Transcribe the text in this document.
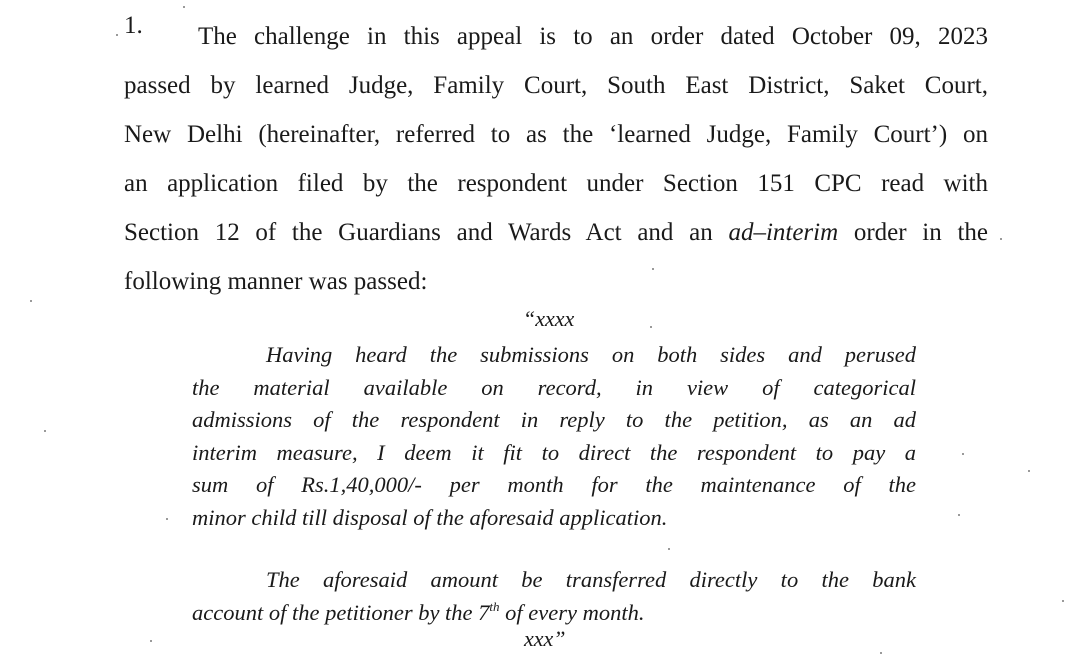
1.	The challenge in this appeal is to an order dated October 09, 2023
passed by learned Judge, Family Court, South East District, Saket Court,
New Delhi (hereinafter, referred to as the ‘learned Judge, Family Court’) on
an application filed by the respondent under Section 151 CPC read with
Section 12 of the Guardians and Wards Act and an ad–interim order in the
following manner was passed:
“xxxx
Having heard the submissions on both sides and perused
the material available on record, in view of categorical
admissions of the respondent in reply to the petition, as an ad
interim measure, I deem it fit to direct the respondent to pay a
sum of Rs.1,40,000/- per month for the maintenance of the
minor child till disposal of the aforesaid application.
The aforesaid amount be transferred directly to the bank
account of the petitioner by the 7th of every month.
xxx”
